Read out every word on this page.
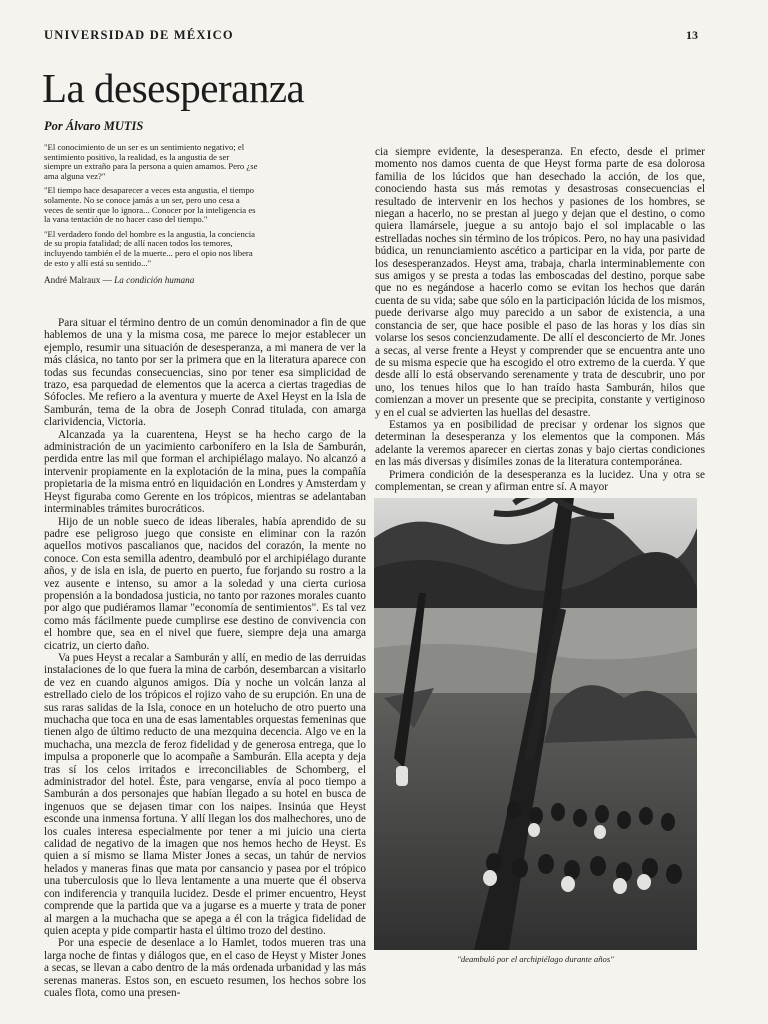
UNIVERSIDAD DE MÉXICO	13
La desesperanza
Por Álvaro MUTIS

"El conocimiento de un ser es un sentimiento negativo; el sentimiento positivo, la realidad, es la angustia de ser siempre un extraño para la persona a quien amamos. Pero ¿se ama alguna vez?"

"El tiempo hace desaparecer a veces esta angustia, el tiempo solamente. No se conoce jamás a un ser, pero uno cesa a veces de sentir que lo ignora... Conocer por la inteligencia es la vana tentación de no hacer caso del tiempo."

"El verdadero fondo del hombre es la angustia, la conciencia de su propia fatalidad; de allí nacen todos los temores, incluyendo también el de la muerte... pero el opio nos libera de esto y allí está su sentido..."

André Malraux — La condición humana

Para situar el término dentro de un común denominador a fin de que hablemos de una y la misma cosa, me parece lo mejor establecer un ejemplo, resumir una situación de desesperanza, a mi manera de ver la más clásica, no tanto por ser la primera que en la literatura aparece con todas sus fecundas consecuencias, sino por tener esa simplicidad de trazo, esa parquedad de elementos que la acerca a ciertas tragedias de Sófocles. Me refiero a la aventura y muerte de Axel Heyst en la Isla de Samburán, tema de la obra de Joseph Conrad titulada, con amarga clarividencia, Victoria.

Alcanzada ya la cuarentena, Heyst se ha hecho cargo de la administración de un yacimiento carbonífero en la Isla de Samburán, perdida entre las mil que forman el archipiélago malayo. No alcanzó a intervenir propiamente en la explotación de la mina, pues la compañía propietaria de la misma entró en liquidación en Londres y Amsterdam y Heyst figuraba como Gerente en los trópicos, mientras se adelantaban interminables trámites burocráticos.

Hijo de un noble sueco de ideas liberales, había aprendido de su padre ese peligroso juego que consiste en eliminar con la razón aquellos motivos pascalianos que, nacidos del corazón, la mente no conoce. Con esta semilla adentro, deambuló por el archipiélago durante años, y de isla en isla, de puerto en puerto, fue forjando su rostro a la vez ausente e intenso, su amor a la soledad y una cierta curiosa propensión a la bondadosa justicia, no tanto por razones morales cuanto por algo que pudiéramos llamar "economía de sentimientos". Es tal vez como más fácilmente puede cumplirse ese destino de convivencia con el hombre que, sea en el nivel que fuere, siempre deja una amarga cicatriz, un cierto daño.

Va pues Heyst a recalar a Samburán y allí, en medio de las derruidas instalaciones de lo que fuera la mina de carbón, desembarcan a visitarlo de vez en cuando algunos amigos. Día y noche un volcán lanza al estrellado cielo de los trópicos el rojizo vaho de su erupción. En una de sus raras salidas de la Isla, conoce en un hotelucho de otro puerto una muchacha que toca en una de esas lamentables orquestas femeninas que tienen algo de último reducto de una mezquina decencia. Algo ve en la muchacha, una mezcla de feroz fidelidad y de generosa entrega, que lo impulsa a proponerle que lo acompañe a Samburán. Ella acepta y deja tras sí los celos irritados e irreconciliables de Schomberg, el administrador del hotel. Éste, para vengarse, envía al poco tiempo a Samburán a dos personajes que habían llegado a su hotel en busca de ingenuos que se dejasen timar con los naipes. Insinúa que Heyst esconde una inmensa fortuna. Y allí llegan los dos malhechores, uno de los cuales interesa especialmente por tener a mi juicio una cierta calidad de negativo de la imagen que nos hemos hecho de Heyst. Es quien a sí mismo se llama Mister Jones a secas, un tahúr de nervios helados y maneras finas que mata por cansancio y pasea por el trópico una tuberculosis que lo lleva lentamente a una muerte que él observa con indiferencia y tranquila lucidez. Desde el primer encuentro, Heyst comprende que la partida que va a jugarse es a muerte y trata de poner al margen a la muchacha que se apega a él con la trágica fidelidad de quien acepta y pide compartir hasta el último trozo del destino.

Por una especie de desenlace a lo Hamlet, todos mueren tras una larga noche de fintas y diálogos que, en el caso de Heyst y Mister Jones a secas, se llevan a cabo dentro de la más ordenada urbanidad y las más serenas maneras. Estos son, en escueto resumen, los hechos sobre los cuales flota, como una presen-

cia siempre evidente, la desesperanza. En efecto, desde el primer momento nos damos cuenta de que Heyst forma parte de esa dolorosa familia de los lúcidos que han desechado la acción, de los que, conociendo hasta sus más remotas y desastrosas consecuencias el resultado de intervenir en los hechos y pasiones de los hombres, se niegan a hacerlo, no se prestan al juego y dejan que el destino, o como quiera llamársele, juegue a su antojo bajo el sol implacable o las estrelladas noches sin término de los trópicos. Pero, no hay una pasividad búdica, un renunciamiento ascético a participar en la vida, por parte de los desesperanzados. Heyst ama, trabaja, charla interminablemente con sus amigos y se presta a todas las emboscadas del destino, porque sabe que no es negándose a hacerlo como se evitan los hechos que darán cuenta de su vida; sabe que sólo en la participación lúcida de los mismos, puede derivarse algo muy parecido a un sabor de existencia, a una constancia de ser, que hace posible el paso de las horas y los días sin volarse los sesos concienzudamente. De allí el desconcierto de Mr. Jones a secas, al verse frente a Heyst y comprender que se encuentra ante uno de su misma especie que ha escogido el otro extremo de la cuerda. Y que desde allí lo está observando serenamente y trata de descubrir, uno por uno, los tenues hilos que lo han traído hasta Samburán, hilos que comienzan a mover un presente que se precipita, constante y vertiginoso y en el cual se advierten las huellas del desastre.

Estamos ya en posibilidad de precisar y ordenar los signos que determinan la desesperanza y los elementos que la componen. Más adelante la veremos aparecer en ciertas zonas y bajo ciertas condiciones en las más diversas y disímiles zonas de la literatura contemporánea.

Primera condición de la desesperanza es la lucidez. Una y otra se complementan, se crean y afirman entre sí. A mayor

"deambuló por el archipiélago durante años"
